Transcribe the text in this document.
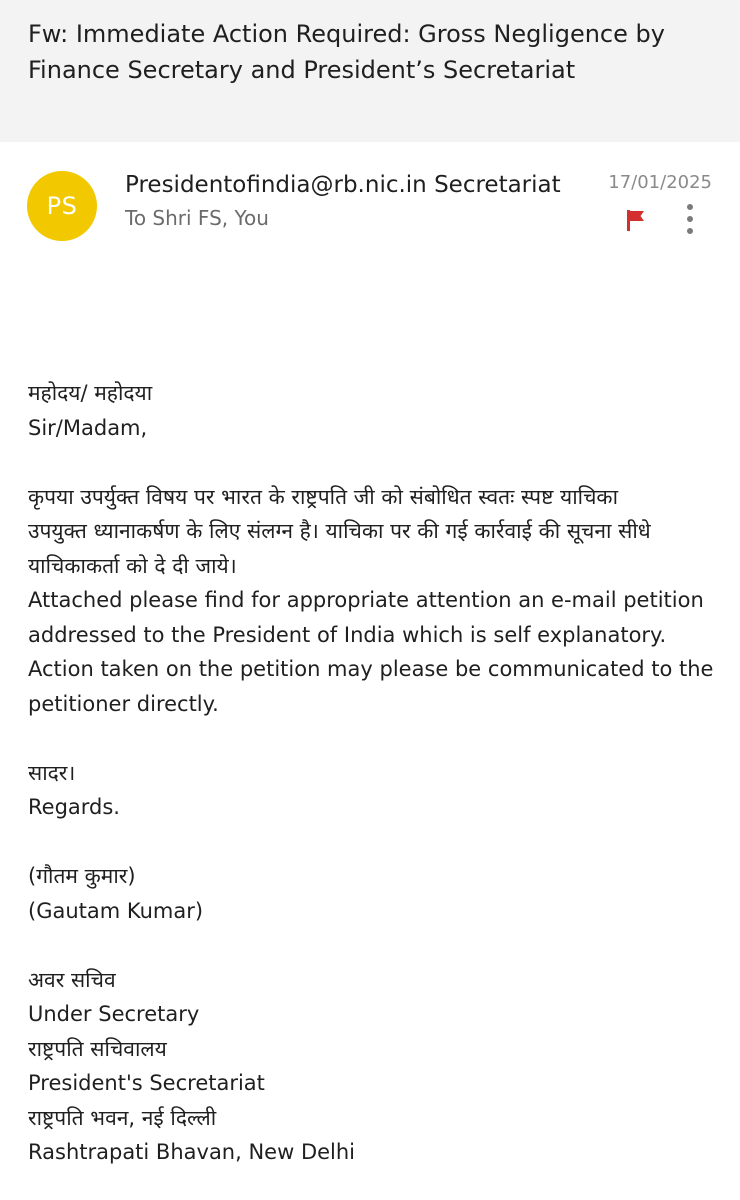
Fw: Immediate Action Required: Gross Negligence by Finance Secretary and President’s Secretariat
PS
Presidentofindia@rb.nic.in Secretariat
To Shri FS, You
17/01/2025
महोदय/ महोदया
Sir/Madam,
कृपया उपर्युक्त विषय पर भारत के राष्ट्रपति जी को संबोधित स्वतः स्पष्ट याचिका
उपयुक्त ध्यानाकर्षण के लिए संलग्न है। याचिका पर की गई कार्रवाई की सूचना सीधे
याचिकाकर्ता को दे दी जाये।
Attached please find for appropriate attention an e-mail petition
addressed to the President of India which is self explanatory.
Action taken on the petition may please be communicated to the
petitioner directly.
सादर।
Regards.
(गौतम कुमार)
(Gautam Kumar)
अवर सचिव
Under Secretary
राष्ट्रपति सचिवालय
President's Secretariat
राष्ट्रपति भवन, नई दिल्ली
Rashtrapati Bhavan, New Delhi
